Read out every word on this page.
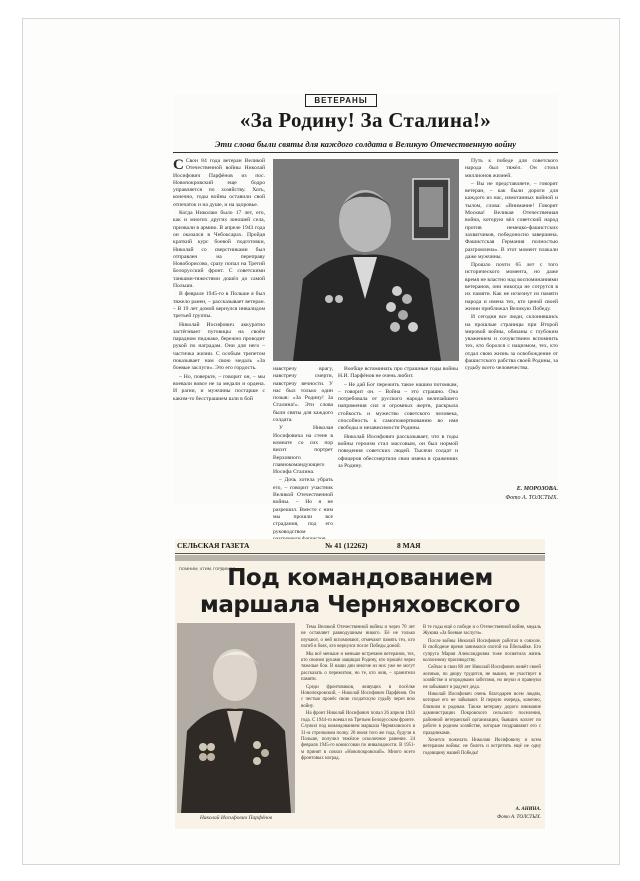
ВЕТЕРАНЫ
«За Родину! За Сталина!»
Эти слова были святы для каждого солдата в Великую Отечественную войну

С Свои 84 года ветеран Великой Отечественной войны Николай Иосифович Парфёнов из пос. Новопокровский еще бодро управляется по хозяйству. Хоть, конечно, годы войны оставили свой отпечаток и на душе, и на здоровье.

Когда Николаю было 17 лет, его, как и многих других юношей села, призвали в армию. В апреле 1943 года он оказался в Чебоксарах. Пройдя краткий курс боевой подготовки, Николай со сверстниками был отправлен на переправу Новоборисово, сразу попал на Третий Белорусский фронт. С советскими танками-тяжестями дошёл до самой Польши.

В феврале 1945-го в Польше я был тяжело ранен, – рассказывает ветеран. – В 19 лет домой вернулся инвалидом третьей группы.

Николай Иосифович аккуратно застёгивает пуговицы на своём парадном пиджаке, бережно проводит рукой по наградам. Они для него – частичка жизни. С особым трепетом показывает нам свою медаль «За боевые заслуги». Это его гордость.

– Но, поверьте, – говорит он, – мы воевали вовсе не за медали и ордена. И parни, и мужчины постарше с каким-то бесстрашием шли в бой

навстречу врагу, навстречу смерти, навстречу вечности. У нас был только один позыв: «За Родину! За Сталина!». Эти слова были святы для каждого солдата.

У Николая Иосифовича на стене в комнате со сих пор висит портрет Верховного главнокомандующего Иосифа Сталина.

– Дочь хотела убрать его, – говорит участник Великой Отечественной войны. – Но я не разрешил. Вместе с ним мы прошли все страдания, под его руководством

Вообще вспоминать про страшные годы войны Н.И. Парфёнов не очень любит.

– Не дай Бог пережить такое нашим потомкам, – говорит он. – Война – это страшно. Она потребовала от русского народа величайшего напряжения сил и огромных жертв, раскрыла стойкость и мужество советского человека, способность к самопожертвованию во имя свободы и независимости Родины.

Николай Иосифович рассказывает, что в годы войны героизм стал массовым, он был нормой поведения советских людей. Тысячи солдат и офицеров обессмертили свои имена в сражениях за Родину.

Путь к победе для советского народа был тяжёл. Он стоил миллионов жизней.

– Вы не представляете, – говорит ветеран, – как были дороги для каждого из нас, измотанных войной и тылом, слова: «Внимание! Говорит Москва! Великая Отечественная война, которую вёл советский народ против немецко-фашистских захватчиков, победоносно завершена. Фашистская Германия полностью разгромлена». В этот момент плакали даже мужчины.

Прошло почти 65 лет с того исторического момента, но даже время не властно над воспоминаниями ветеранов, они никогда не сотрутся в их памяти. Как не исчезнут из памяти народа и имена тех, кто ценой своей жизни приближал Великую Победу.

И сегодня все люди, склонившись на прошлые страницы при Второй мировой войны, обязаны с глубоким уважением и сочувствием вспомнить тех, кто боролся с нацизмом, тех, кто отдал свою жизнь за освобождение от фашистского рабства своей Родины, за судьбу всего человечества.

Е. МОРОЗОВА.
Фото А. ТОЛСТЫХ.
СЕЛЬСКАЯ ГАЗЕТА	№ 41 (12262)	8 МАЯ
ПОМНИМ, ЧТИМ, ГОРДИМСЯ
Под командованием
маршала Черняховского
Николай Иосифович Парфёнов

Тема Великой Отечественной войны и через 70 лет не оставляет равнодушным никого. Её не только изучают, о ней вспоминают, отмечают память тех, кто погиб в боях, кто вернулся после Победы домой.

Мы всё меньше и меньше встречаем ветеранов, тех, кто своими руками защищал Родину, кто прошёл через тяжелые бои. В наши дни многие из них уже не могут рассказать о пережитом, но те, кто жив, – хранители памяти.

Среди фронтовиков, живущих в посёлке Новопокровский, – Николай Иосифович Парфёнов. Он с честью пронёс свою солдатскую судьбу через всю войну.

На фронт Николай Иосифович попал 26 апреля 1943 года. С 1944-го воевал на Третьем Белорусском фронте. Служил под командованием маршала Черняховского в 31-м стрелковом полку. 20 июля того же года, будучи в Польше, получил тяжёлое осколочное ранение. 24 февраля 1945-го комиссован по инвалидности. В 1951-м принят в совхоз «Новопокровский». Много всего фронтовых наград.

В те годы ещё о победе и о Отечественной войне, медаль Жукова «За боевые заслуги».

После войны Николай Иосифович работал в совхозе. В свободное время занимался охотой на Ёбельяйке. Его супруга Мария Александровна тоже посвятила жизнь колхозному производству.

Сейчас в свои 88 лет Николай Иосифович живёт своей жизнью, по двору трудится, не вышел, не участвует в хозяйстве и огородными заботами, но внуки и правнуки не забывают и радуют деда.

Николай Иосифович очень благодарен всем людям, которые его не забывают. В первую очередь, конечно, близким и родным. Также ветерану дорого внимание администрации Покровского сельского поселения, районной ветеранской организации, бывших коллег по работе в родном хозяйстве, которые поздравляют его с праздниками.

Хочется пожелать Николаю Иосифовичу и всем ветеранам войны: не болеть и встретить ещё не одну годовщину нашей Победы!

А. АНИНА.
Фото А. ТОЛСТЫХ.
